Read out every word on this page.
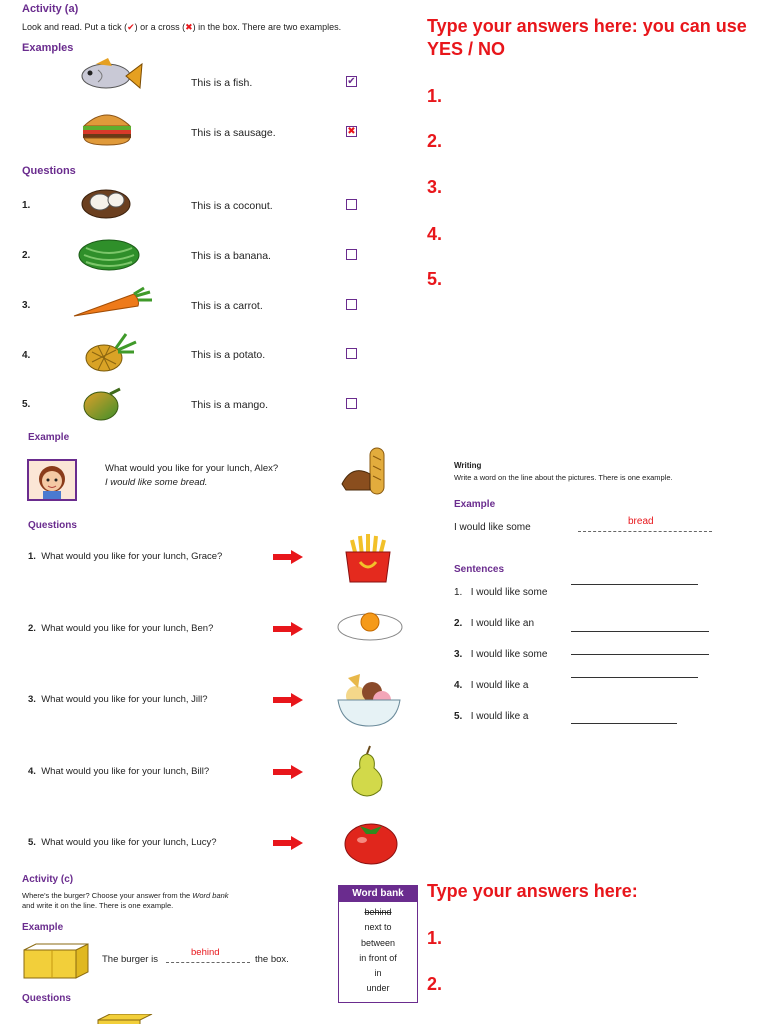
Activity (a)
Look and read. Put a tick (✔) or a cross (✖) in the box. There are two examples.
Examples
This is a fish.	✔
This is a sausage.	✖
Questions
1.	This is a coconut.
2.	This is a banana.
3.	This is a carrot.
4.	This is a potato.
5.	This is a mango.
Type your answers here: you can use YES / NO
1.
2.
3.
4.
5.
Example
What would you like for your lunch, Alex?
I would like some bread.
Questions
1. What would you like for your lunch, Grace?
2. What would you like for your lunch, Ben?
3. What would you like for your lunch, Jill?
4. What would you like for your lunch, Bill?
5. What would you like for your lunch, Lucy?
Writing
Write a word on the line about the pictures. There is one example.
Example
I would like some
bread
Sentences
1. I would like some
2. I would like an
3. I would like some
4. I would like a
5. I would like a
Activity (c)
Where's the burger? Choose your answer from the Word bank
and write it on the line. There is one example.
Example
The burger is
behind
the box.
Questions
Word bank
behind
next to
between
in front of
in
under
Type your answers here:
1.
2.
